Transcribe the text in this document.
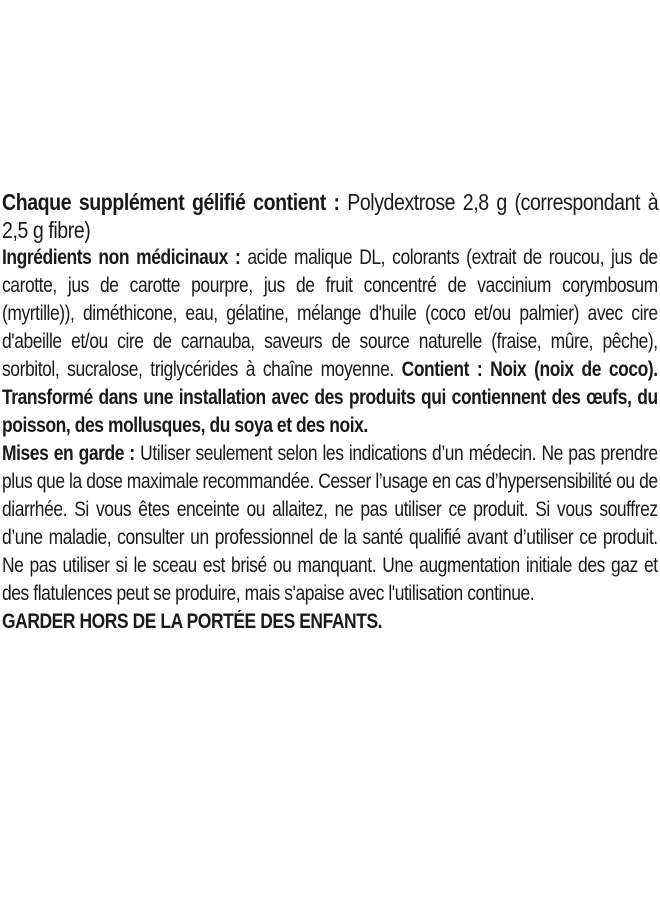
Chaque supplément gélifié contient : Polydextrose 2,8 g (correspondant à 2,5 g fibre)

Ingrédients non médicinaux : acide malique DL, colorants (extrait de roucou, jus de carotte, jus de carotte pourpre, jus de fruit concentré de vaccinium corymbosum (myrtille)), diméthicone, eau, gélatine, mélange d'huile (coco et/ou palmier) avec cire d'abeille et/ou cire de carnauba, saveurs de source naturelle (fraise, mûre, pêche), sorbitol, sucralose, triglycérides à chaîne moyenne. Contient : Noix (noix de coco). Transformé dans une installation avec des produits qui contiennent des œufs, du poisson, des mollusques, du soya et des noix.

Mises en garde : Utiliser seulement selon les indications d’un médecin. Ne pas prendre plus que la dose maximale recommandée. Cesser l’usage en cas d’hypersensibilité ou de diarrhée. Si vous êtes enceinte ou allaitez, ne pas utiliser ce produit. Si vous souffrez d’une maladie, consulter un professionnel de la santé qualifié avant d’utiliser ce produit. Ne pas utiliser si le sceau est brisé ou manquant. Une augmentation initiale des gaz et des flatulences peut se produire, mais s'apaise avec l'utilisation continue.

GARDER HORS DE LA PORTÉE DES ENFANTS.
